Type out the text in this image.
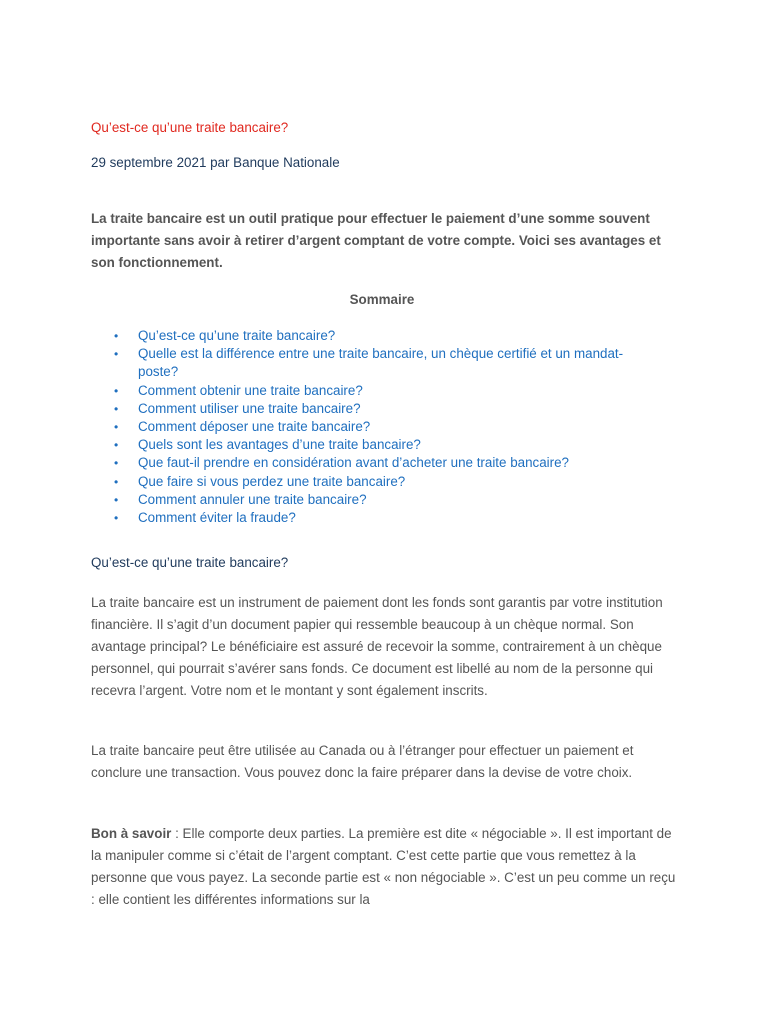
Qu’est-ce qu’une traite bancaire?
29 septembre 2021 par Banque Nationale

La traite bancaire est un outil pratique pour effectuer le paiement d’une somme souvent importante sans avoir à retirer d’argent comptant de votre compte. Voici ses avantages et son fonctionnement.

Sommaire
• Qu’est-ce qu’une traite bancaire?
• Quelle est la différence entre une traite bancaire, un chèque certifié et un mandat-poste?
• Comment obtenir une traite bancaire?
• Comment utiliser une traite bancaire?
• Comment déposer une traite bancaire?
• Quels sont les avantages d’une traite bancaire?
• Que faut-il prendre en considération avant d’acheter une traite bancaire?
• Que faire si vous perdez une traite bancaire?
• Comment annuler une traite bancaire?
• Comment éviter la fraude?
Qu’est-ce qu’une traite bancaire?

La traite bancaire est un instrument de paiement dont les fonds sont garantis par votre institution financière. Il s’agit d’un document papier qui ressemble beaucoup à un chèque normal. Son avantage principal? Le bénéficiaire est assuré de recevoir la somme, contrairement à un chèque personnel, qui pourrait s’avérer sans fonds. Ce document est libellé au nom de la personne qui recevra l’argent. Votre nom et le montant y sont également inscrits.

La traite bancaire peut être utilisée au Canada ou à l’étranger pour effectuer un paiement et conclure une transaction. Vous pouvez donc la faire préparer dans la devise de votre choix.

Bon à savoir : Elle comporte deux parties. La première est dite « négociable ». Il est important de la manipuler comme si c’était de l’argent comptant. C’est cette partie que vous remettez à la personne que vous payez. La seconde partie est « non négociable ». C’est un peu comme un reçu : elle contient les différentes informations sur la
